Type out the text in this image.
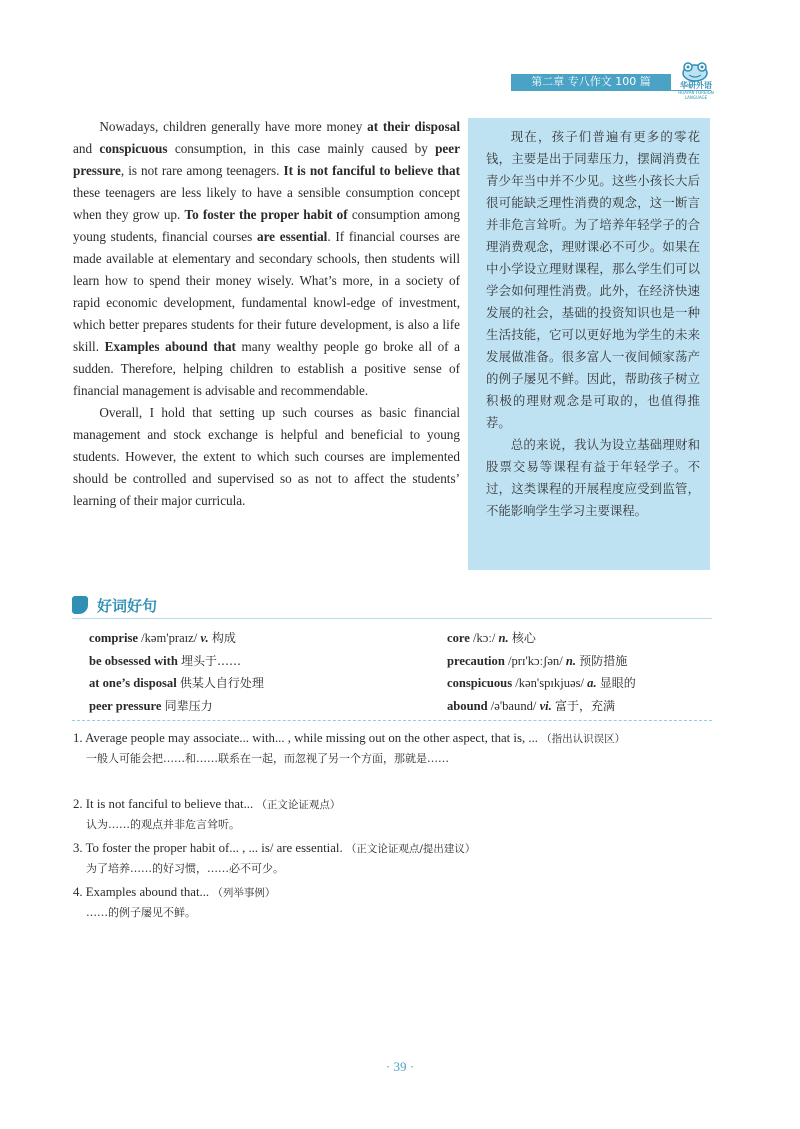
第二章 专八作文 100 篇	华研外语
HUAYAN FOREIGN LANGUAGE

Nowadays, children generally have more money at their disposal and conspicuous consumption, in this case mainly caused by peer pressure, is not rare among teenagers. It is not fanciful to believe that these teenagers are less likely to have a sensible consumption concept when they grow up. To foster the proper habit of consumption among young students, financial courses are essential. If financial courses are made available at elementary and secondary schools, then students will learn how to spend their money wisely. What’s more, in a society of rapid economic development, fundamental knowl-edge of investment, which better prepares students for their future development, is also a life skill. Examples abound that many wealthy people go broke all of a sudden. Therefore, helping children to establish a positive sense of financial management is advisable and recommendable.

Overall, I hold that setting up such courses as basic financial management and stock exchange is helpful and beneficial to young students. However, the extent to which such courses are implemented should be controlled and supervised so as not to affect the students’ learning of their major curricula.

现在，孩子们普遍有更多的零花钱，主要是出于同辈压力，摆阔消费在青少年当中并不少见。这些小孩长大后很可能缺乏理性消费的观念，这一断言并非危言耸听。为了培养年轻学子的合理消费观念，理财课必不可少。如果在中小学设立理财课程，那么学生们可以学会如何理性消费。此外，在经济快速发展的社会，基础的投资知识也是一种生活技能，它可以更好地为学生的未来发展做准备。很多富人一夜间倾家荡产的例子屡见不鲜。因此，帮助孩子树立积极的理财观念是可取的，也值得推荐。

总的来说，我认为设立基础理财和股票交易等课程有益于年轻学子。不过，这类课程的开展程度应受到监管，不能影响学生学习主要课程。

好词好句
comprise /kəm'praɪz/ v. 构成	core /kɔː/ n. 核心
be obsessed with 埋头于……	precaution /prɪ'kɔːʃən/ n. 预防措施
at one’s disposal 供某人自行处理	conspicuous /kən'spɪkjuəs/ a. 显眼的
peer pressure 同辈压力	abound /ə'baund/ vi. 富于，充满
1. Average people may associate... with... , while missing out on the other aspect, that is, ... （指出认识误区）
一般人可能会把……和……联系在一起，而忽视了另一个方面，那就是……
2. It is not fanciful to believe that... （正文论证观点）
认为……的观点并非危言耸听。
3. To foster the proper habit of... , ... is/ are essential. （正文论证观点/提出建议）
为了培养……的好习惯，……必不可少。
4. Examples abound that... （列举事例）
……的例子屡见不鲜。
· 39 ·
